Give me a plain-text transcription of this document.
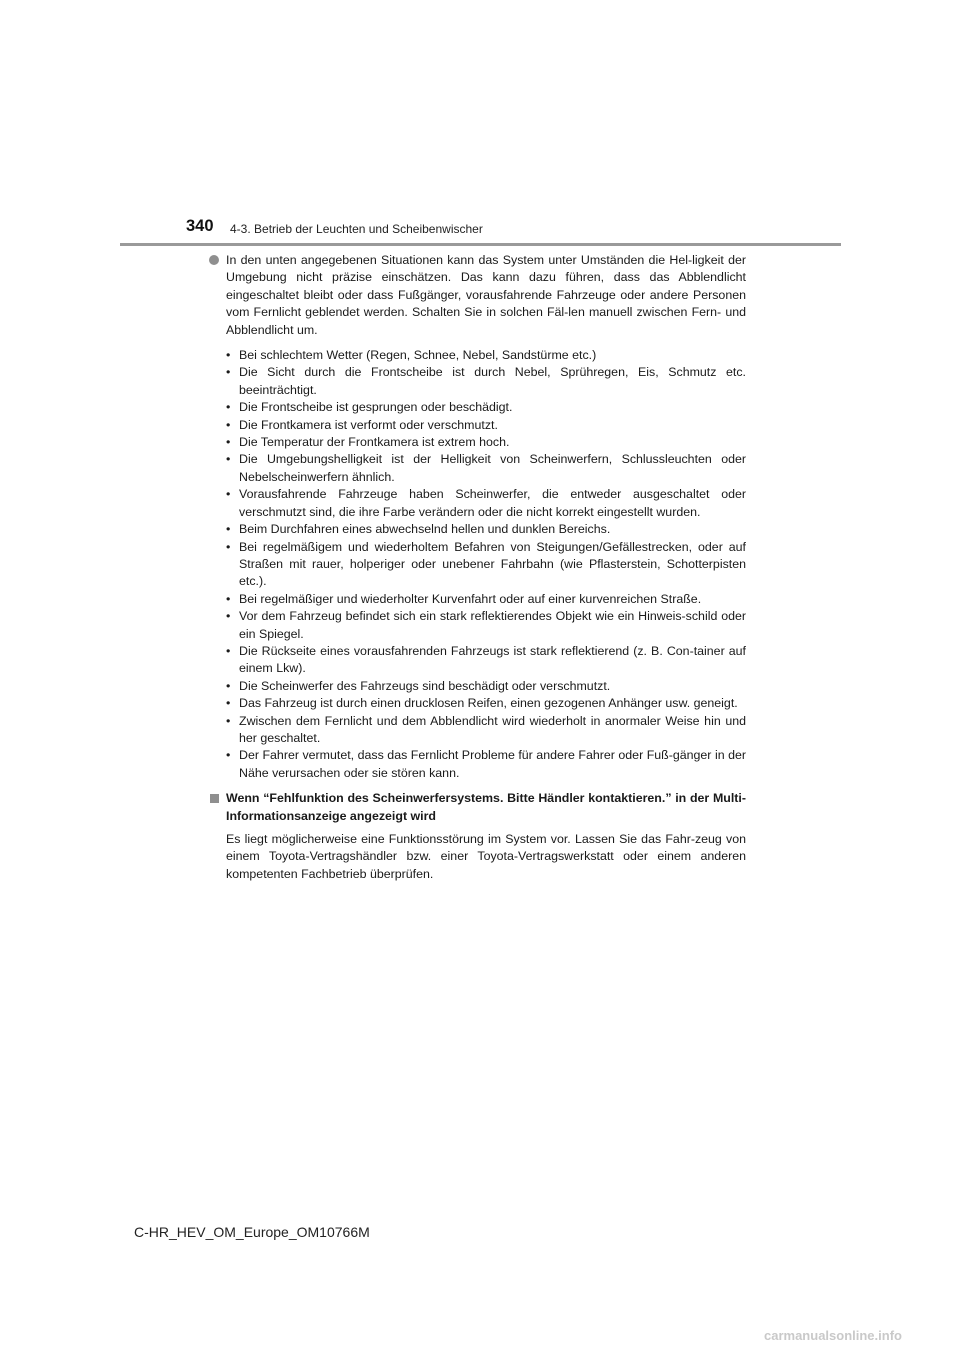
340 4-3. Betrieb der Leuchten und Scheibenwischer
In den unten angegebenen Situationen kann das System unter Umständen die Hel-ligkeit der Umgebung nicht präzise einschätzen. Das kann dazu führen, dass das Abblendlicht eingeschaltet bleibt oder dass Fußgänger, vorausfahrende Fahrzeuge oder andere Personen vom Fernlicht geblendet werden. Schalten Sie in solchen Fäl-len manuell zwischen Fern- und Abblendlicht um.
• Bei schlechtem Wetter (Regen, Schnee, Nebel, Sandstürme etc.)
• Die Sicht durch die Frontscheibe ist durch Nebel, Sprühregen, Eis, Schmutz etc. beeinträchtigt.
• Die Frontscheibe ist gesprungen oder beschädigt.
• Die Frontkamera ist verformt oder verschmutzt.
• Die Temperatur der Frontkamera ist extrem hoch.
• Die Umgebungshelligkeit ist der Helligkeit von Scheinwerfern, Schlussleuchten oder Nebelscheinwerfern ähnlich.
• Vorausfahrende Fahrzeuge haben Scheinwerfer, die entweder ausgeschaltet oder verschmutzt sind, die ihre Farbe verändern oder die nicht korrekt eingestellt wurden.
• Beim Durchfahren eines abwechselnd hellen und dunklen Bereichs.
• Bei regelmäßigem und wiederholtem Befahren von Steigungen/Gefällestrecken, oder auf Straßen mit rauer, holperiger oder unebener Fahrbahn (wie Pflasterstein, Schotterpisten etc.).
• Bei regelmäßiger und wiederholter Kurvenfahrt oder auf einer kurvenreichen Straße.
• Vor dem Fahrzeug befindet sich ein stark reflektierendes Objekt wie ein Hinweis-schild oder ein Spiegel.
• Die Rückseite eines vorausfahrenden Fahrzeugs ist stark reflektierend (z. B. Con-tainer auf einem Lkw).
• Die Scheinwerfer des Fahrzeugs sind beschädigt oder verschmutzt.
• Das Fahrzeug ist durch einen drucklosen Reifen, einen gezogenen Anhänger usw. geneigt.
• Zwischen dem Fernlicht und dem Abblendlicht wird wiederholt in anormaler Weise hin und her geschaltet.
• Der Fahrer vermutet, dass das Fernlicht Probleme für andere Fahrer oder Fuß-gänger in der Nähe verursachen oder sie stören kann.
Wenn “Fehlfunktion des Scheinwerfersystems. Bitte Händler kontaktieren.” in der Multi-Informationsanzeige angezeigt wird
Es liegt möglicherweise eine Funktionsstörung im System vor. Lassen Sie das Fahr-zeug von einem Toyota-Vertragshändler bzw. einer Toyota-Vertragswerkstatt oder einem anderen kompetenten Fachbetrieb überprüfen.
C-HR_HEV_OM_Europe_OM10766M
carmanualsonline.info
